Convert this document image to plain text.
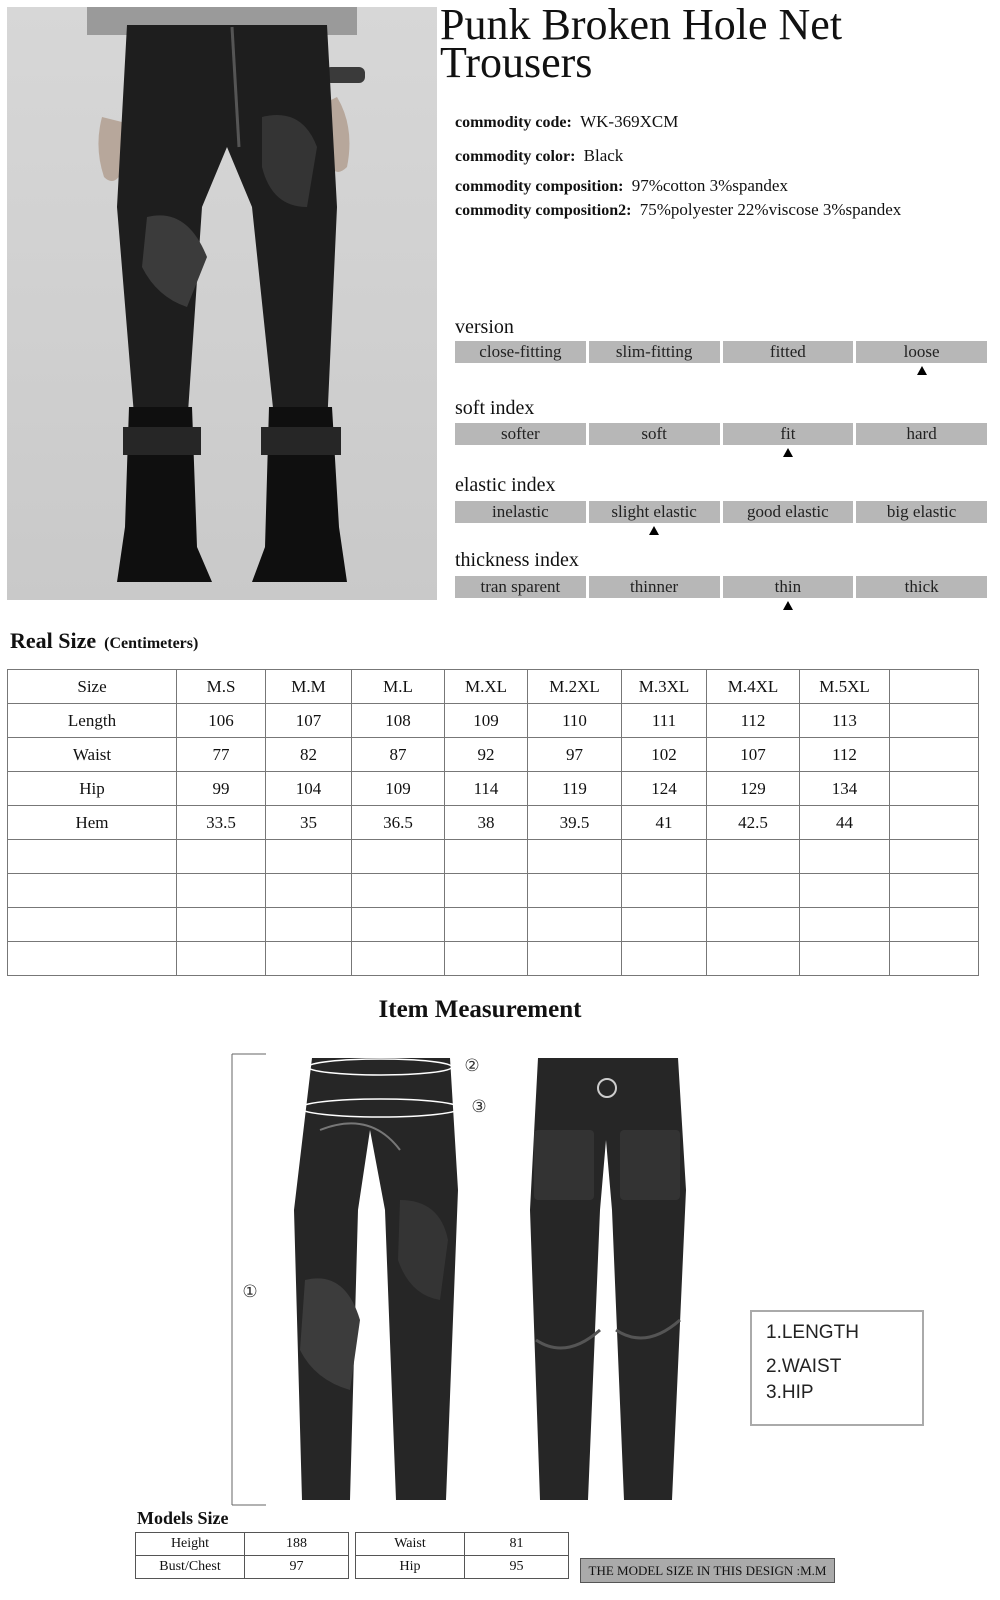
Punk Broken Hole Net Trousers
commodity code: WK-369XCM
commodity color: Black
commodity composition: 97%cotton 3%spandex
commodity composition2: 75%polyester 22%viscose 3%spandex
version
close-fitting	slim-fitting	fitted	loose
soft index
softer	soft	fit	hard
elastic index
inelastic	slight elastic	good elastic	big elastic
thickness index
tran sparent	thinner	thin	thick
Real Size (Centimeters)
Size	M.S	M.M	M.L	M.XL	M.2XL	M.3XL	M.4XL	M.5XL	
Length	106	107	108	109	110	111	112	113	
Waist	77	82	87	92	97	102	107	112	
Hip	99	104	109	114	119	124	129	134	
Hem	33.5	35	36.5	38	39.5	41	42.5	44	

Item Measurement
①
②
③
1.LENGTH
2.WAIST
3.HIP
Models Size
Height	188
Bust/Chest	97
Waist	81
Hip	95	THE MODEL SIZE IN THIS DESIGN :M.M
